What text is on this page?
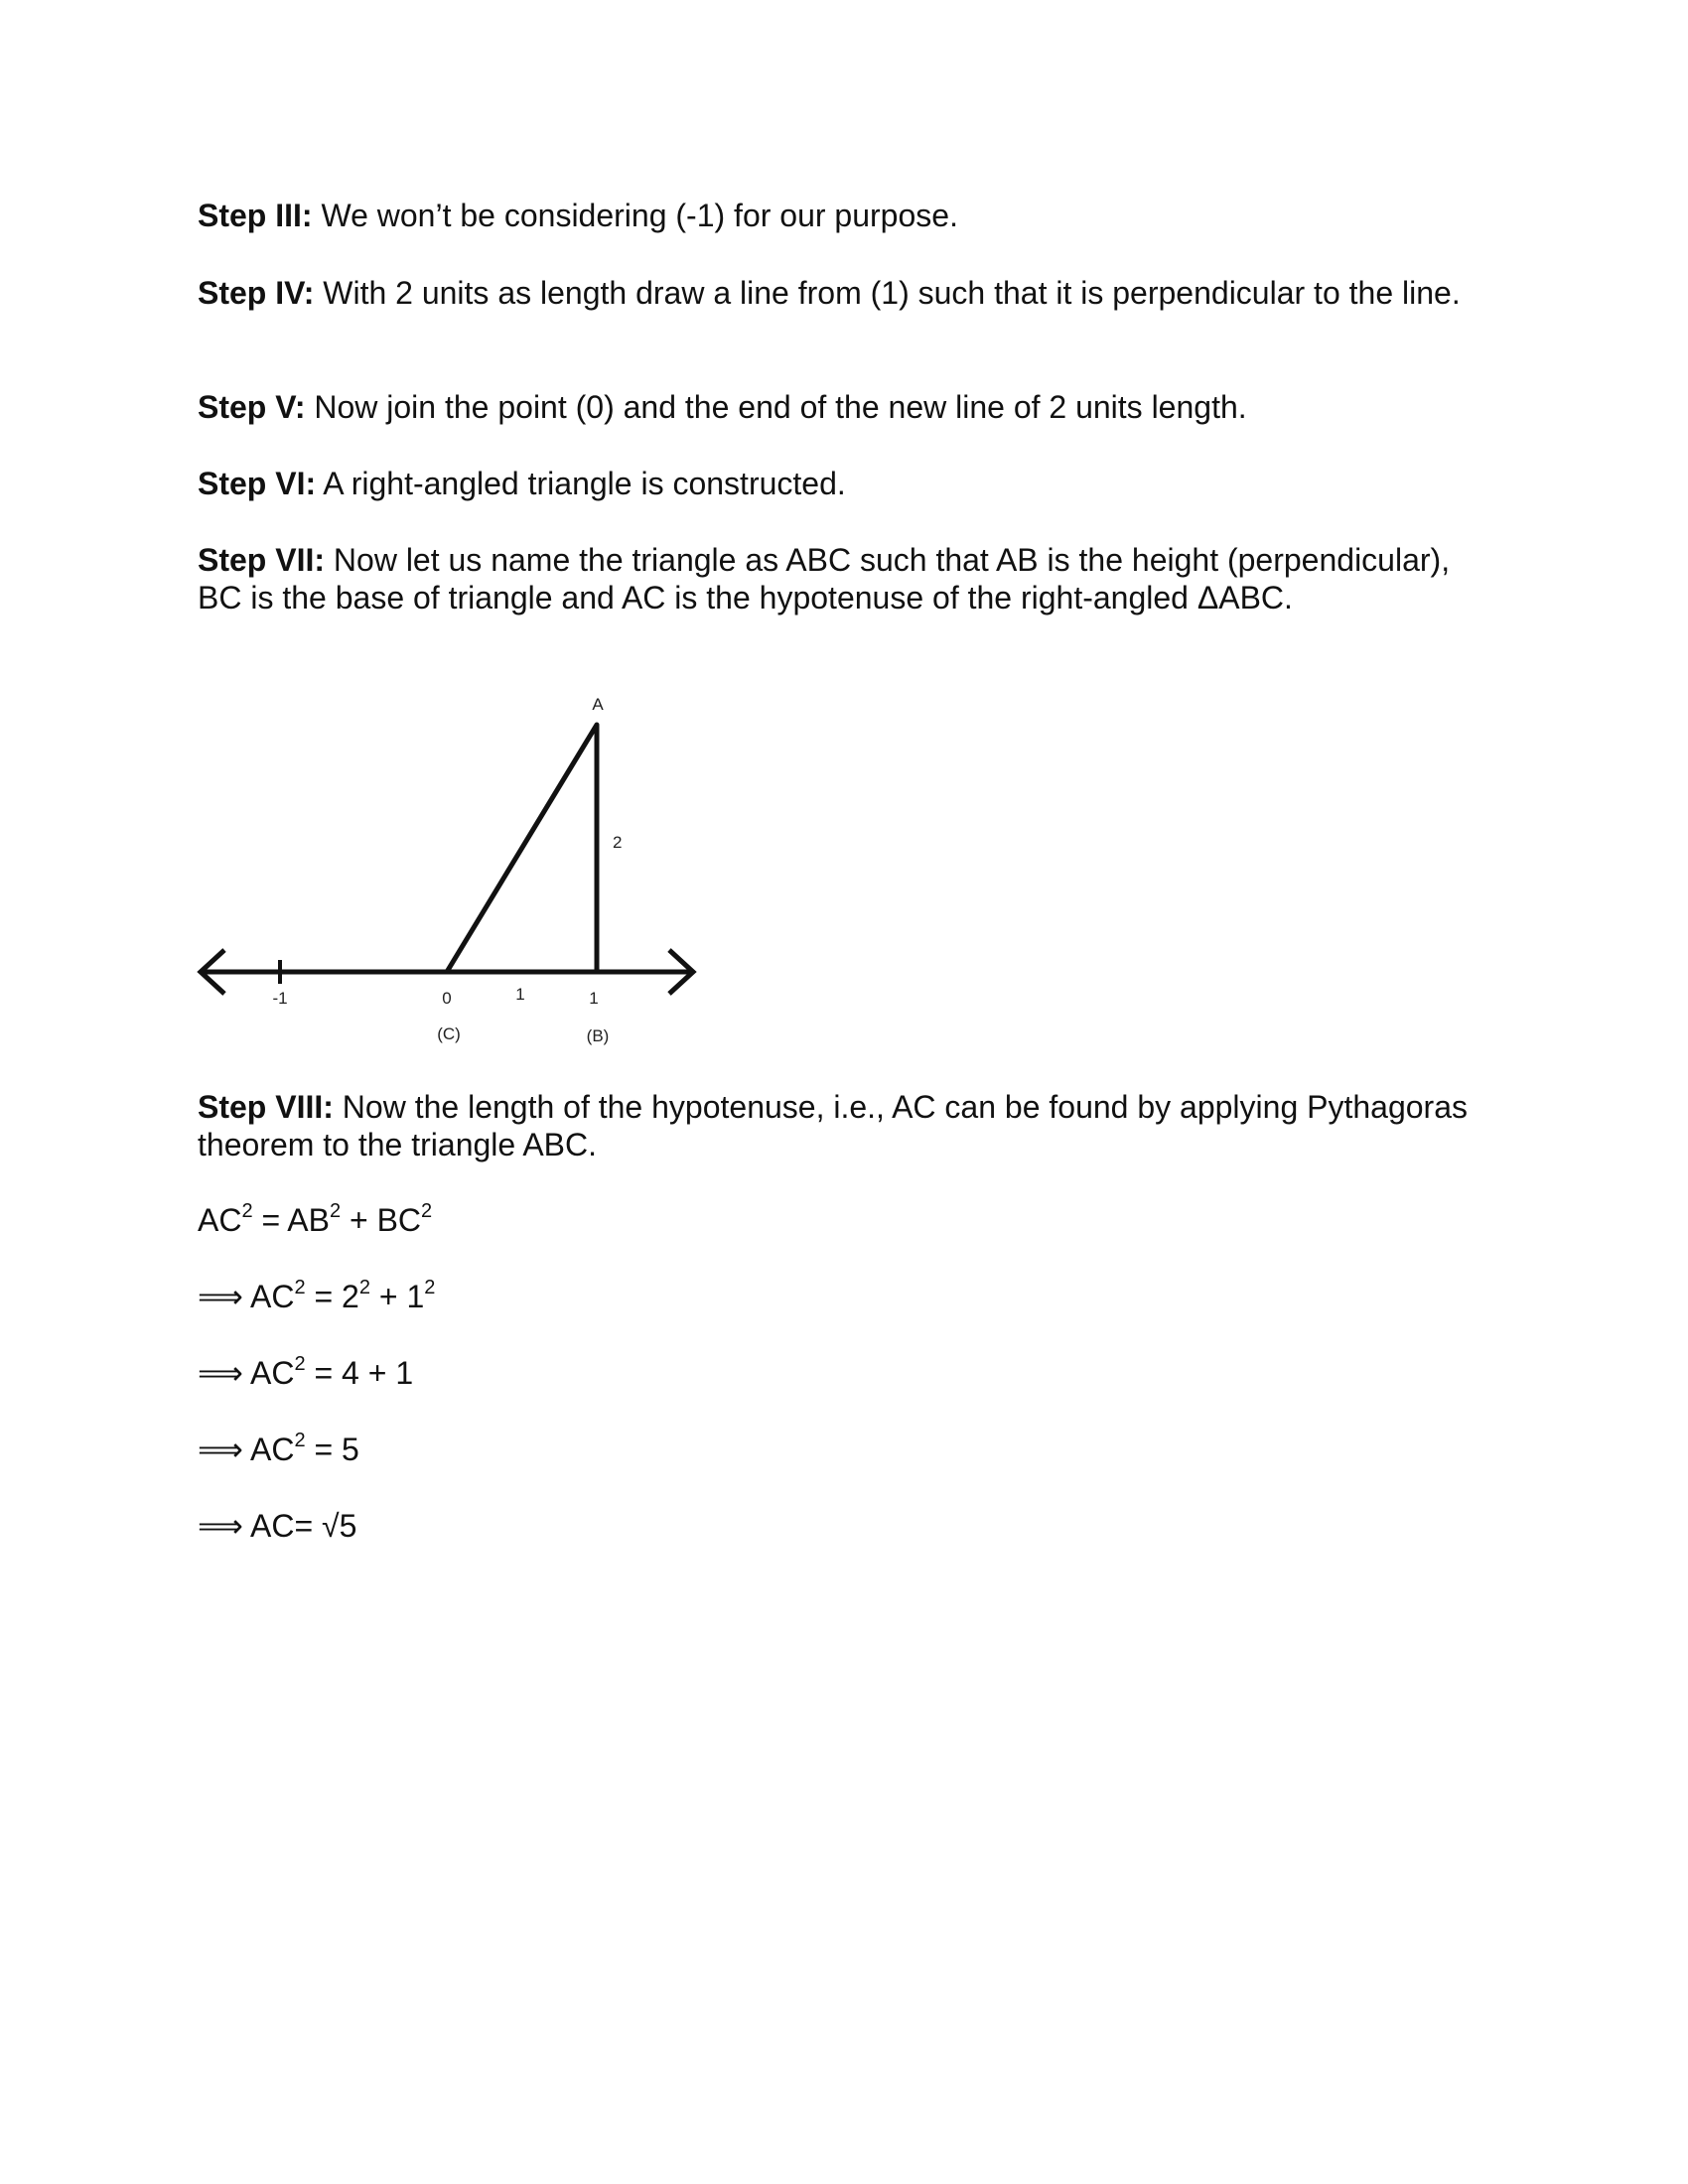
Step III: We won’t be considering (-1) for our purpose.

Step IV: With 2 units as length draw a line from (1) such that it is perpendicular to the line.

Step V: Now join the point (0) and the end of the new line of 2 units length.

Step VI: A right-angled triangle is constructed.

Step VII: Now let us name the triangle as ABC such that AB is the height (perpendicular), BC is the base of triangle and AC is the hypotenuse of the right-angled ΔABC.

A
2
-1	0	1	1
(C)	(B)

Step VIII: Now the length of the hypotenuse, i.e., AC can be found by applying Pythagoras theorem to the triangle ABC.

$AC^2 = AB^2 + BC^2$

⟹ $AC^2 = 2^2 + 1^2$

⟹ $AC^2 = 4 + 1$

⟹ $AC^2 = 5$

⟹ AC= √5
